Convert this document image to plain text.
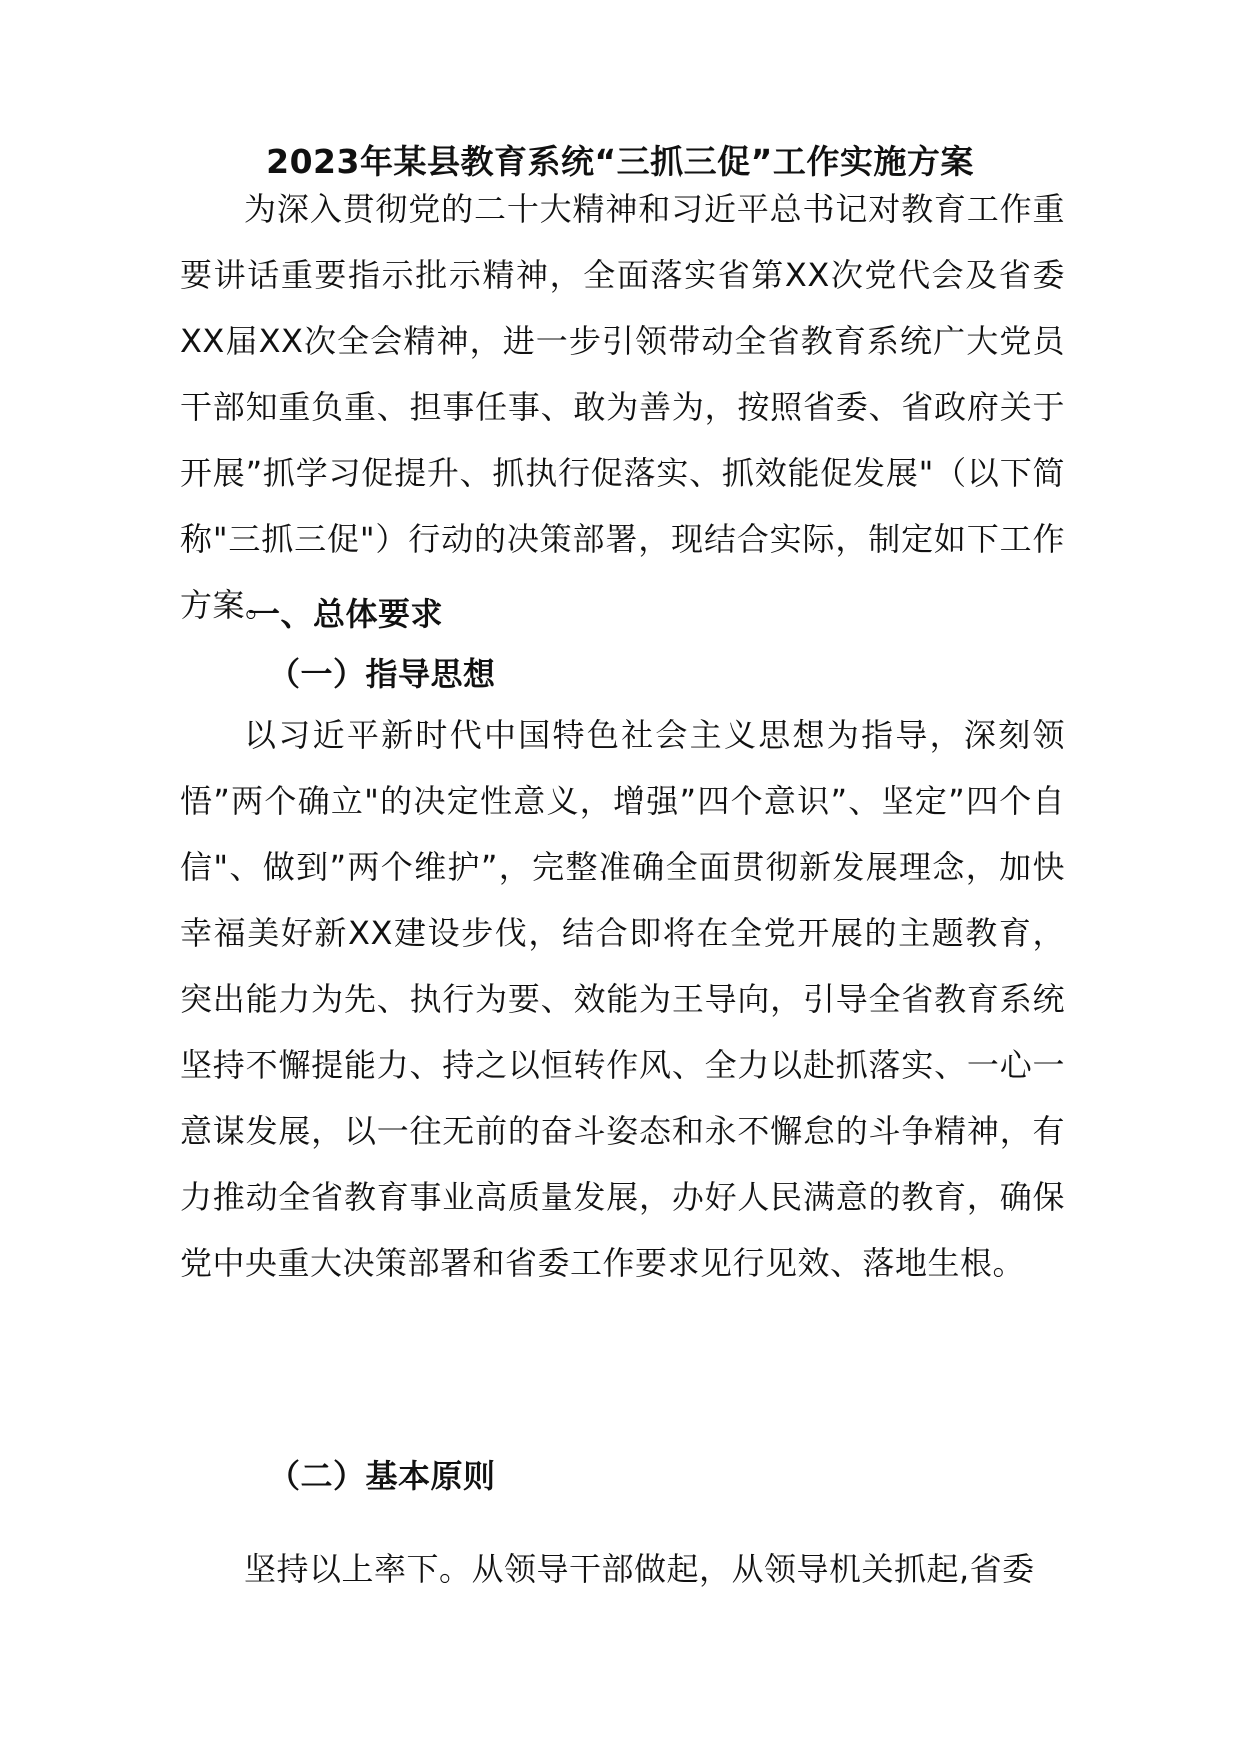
2023年某县教育系统“三抓三促”工作实施方案
为深入贯彻党的二十大精神和习近平总书记对教育工作重要讲话重要指示批示精神，全面落实省第XX次党代会及省委XX届XX次全会精神，进一步引领带动全省教育系统广大党员干部知重负重、担事任事、敢为善为，按照省委、省政府关于开展”抓学习促提升、抓执行促落实、抓效能促发展"（以下简称"三抓三促"）行动的决策部署，现结合实际，制定如下工作方案。
一、总体要求
（一）指导思想
以习近平新时代中国特色社会主义思想为指导，深刻领悟”两个确立"的决定性意义，增强”四个意识”、坚定”四个自信"、做到”两个维护”，完整准确全面贯彻新发展理念，加快幸福美好新XX建设步伐，结合即将在全党开展的主题教育，突出能力为先、执行为要、效能为王导向，引导全省教育系统坚持不懈提能力、持之以恒转作风、全力以赴抓落实、一心一意谋发展，以一往无前的奋斗姿态和永不懈怠的斗争精神，有力推动全省教育事业高质量发展，办好人民满意的教育，确保党中央重大决策部署和省委工作要求见行见效、落地生根。
（二）基本原则
坚持以上率下。从领导干部做起，从领导机关抓起,省委
